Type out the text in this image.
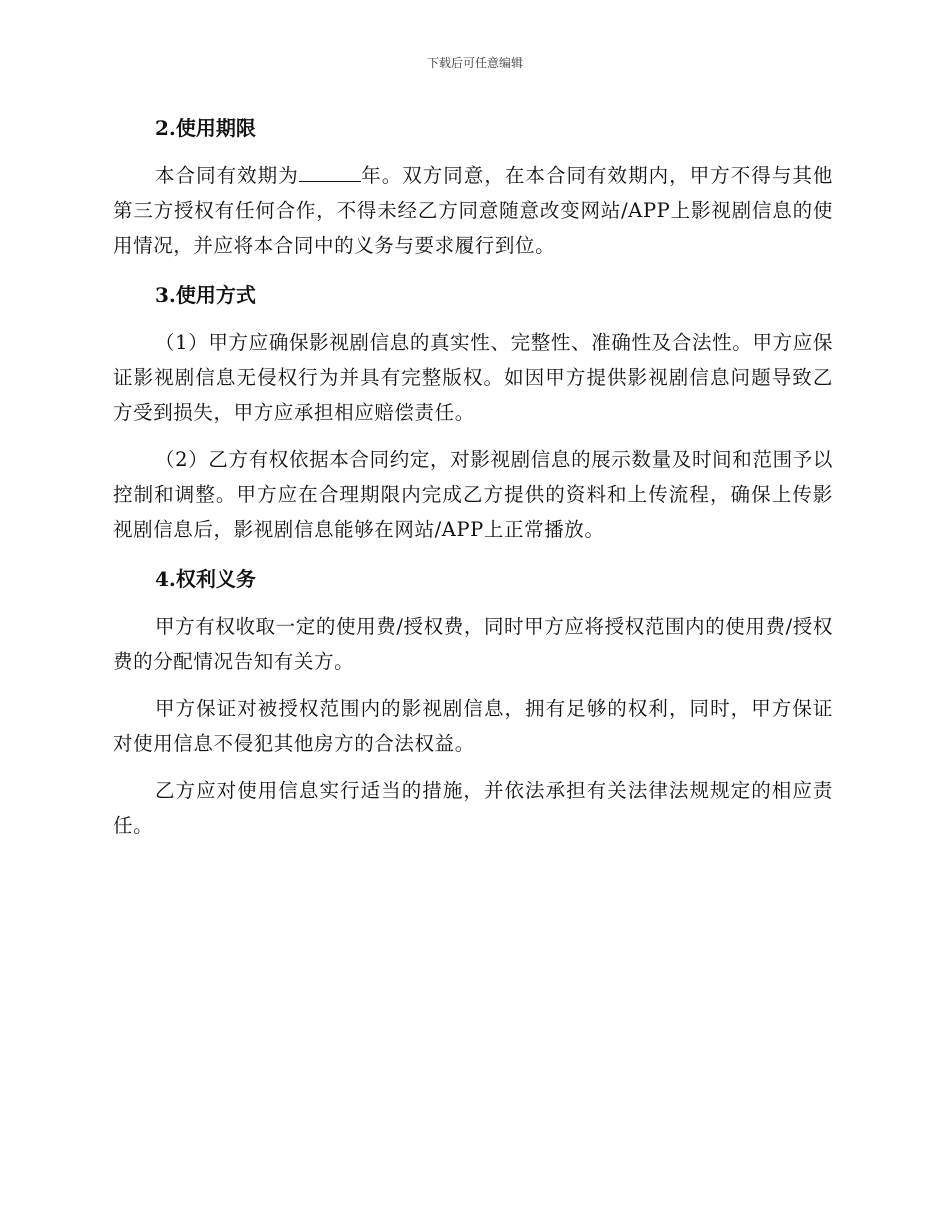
下载后可任意编辑
2.使用期限

本合同有效期为	年。双方同意，在本合同有效期内，甲方不得与其他第三方授权有任何合作，不得未经乙方同意随意改变网站/APP上影视剧信息的使用情况，并应将本合同中的义务与要求履行到位。

3.使用方式

（1）甲方应确保影视剧信息的真实性、完整性、准确性及合法性。甲方应保证影视剧信息无侵权行为并具有完整版权。如因甲方提供影视剧信息问题导致乙方受到损失，甲方应承担相应赔偿责任。

（2）乙方有权依据本合同约定，对影视剧信息的展示数量及时间和范围予以控制和调整。甲方应在合理期限内完成乙方提供的资料和上传流程，确保上传影视剧信息后，影视剧信息能够在网站/APP上正常播放。

4.权利义务

甲方有权收取一定的使用费/授权费，同时甲方应将授权范围内的使用费/授权费的分配情况告知有关方。

甲方保证对被授权范围内的影视剧信息，拥有足够的权利，同时，甲方保证对使用信息不侵犯其他房方的合法权益。

乙方应对使用信息实行适当的措施，并依法承担有关法律法规规定的相应责任。
